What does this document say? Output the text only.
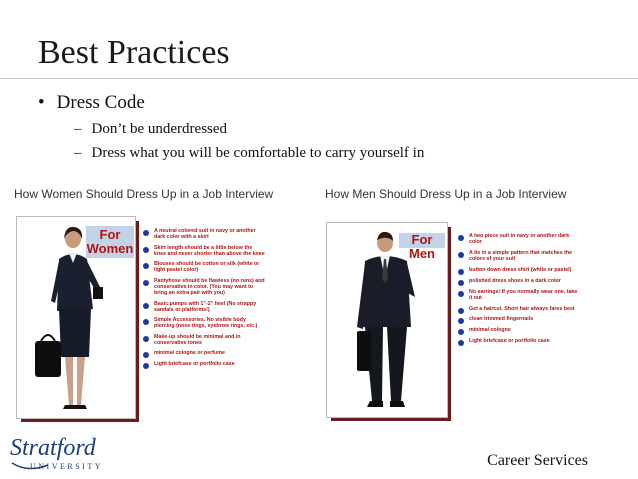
Best Practices
• Dress Code
– Don’t be underdressed
– Dress what you will be comfortable to carry yourself in
How Women Should Dress Up in a Job Interview
For
Women
A neutral colored suit in navy or another dark color with a skirt
Skirt length should be a little below the knee and never shorter than above the knee
Blouses should be cotton or silk (white or light pastel color)
Pantyhose should be flawless (no runs) and conservative in color. (You may want to bring an extra pair with you)
Basic pumps with 1"-2" heel (No strappy sandals or platforms!)
Simple Accessories. No visible body piercing (nose rings, eyebrow rings, etc.)
Make-up should be minimal and in conservative tones
minimal cologne or perfume
Light briefcase or portfolio case
How Men Should Dress Up in a Job Interview
For Men
A two piece suit in navy or another dark color
A tie in a simple pattern that matches the colors of your suit
button down dress shirt (white or pastel)
polished dress shoes in a dark color
No earrings! If you normally wear one, take it out
Get a haircut. Short hair always fares best
clean trimmed fingernails
minimal cologne
Light briefcase or portfolio case
Stratford
UNIVERSITY	Career Services
